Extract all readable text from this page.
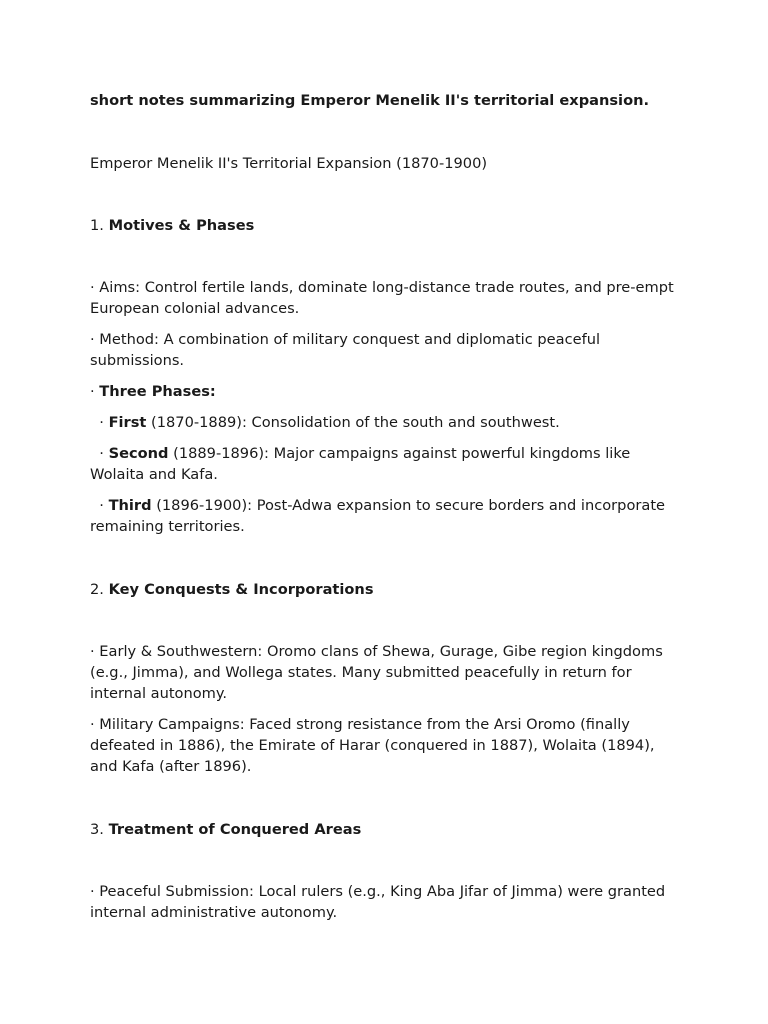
short notes summarizing Emperor Menelik II's territorial expansion.

Emperor Menelik II's Territorial Expansion (1870-1900)

1. Motives & Phases

· Aims: Control fertile lands, dominate long-distance trade routes, and pre-empt European colonial advances.

· Method: A combination of military conquest and diplomatic peaceful submissions.

· Three Phases:

· First (1870-1889): Consolidation of the south and southwest.

· Second (1889-1896): Major campaigns against powerful kingdoms like Wolaita and Kafa.

· Third (1896-1900): Post-Adwa expansion to secure borders and incorporate remaining territories.

2. Key Conquests & Incorporations

· Early & Southwestern: Oromo clans of Shewa, Gurage, Gibe region kingdoms (e.g., Jimma), and Wollega states. Many submitted peacefully in return for internal autonomy.

· Military Campaigns: Faced strong resistance from the Arsi Oromo (finally defeated in 1886), the Emirate of Harar (conquered in 1887), Wolaita (1894), and Kafa (after 1896).

3. Treatment of Conquered Areas

· Peaceful Submission: Local rulers (e.g., King Aba Jifar of Jimma) were granted internal administrative autonomy.
